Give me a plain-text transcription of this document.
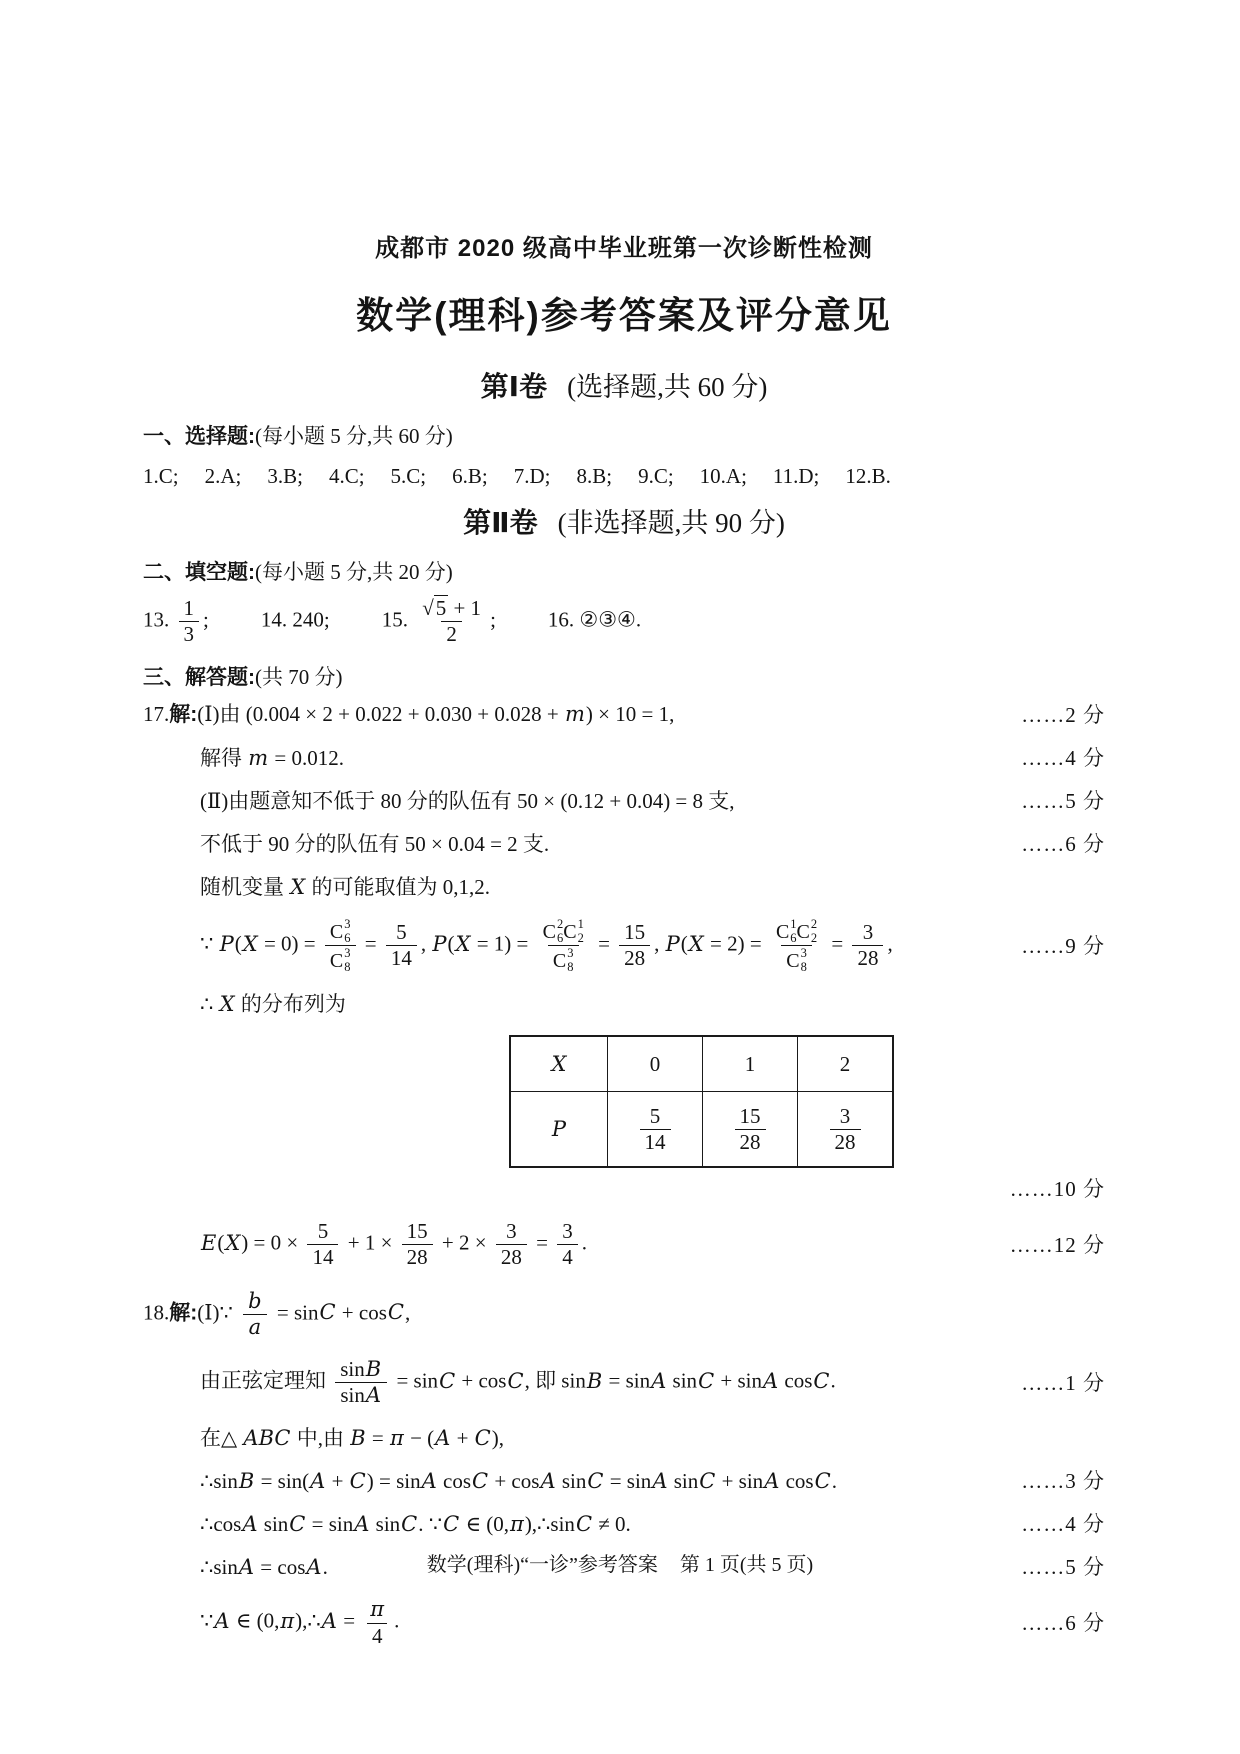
成都市 2020 级高中毕业班第一次诊断性检测
数学(理科)参考答案及评分意见
第Ⅰ卷 (选择题,共 60 分)
一、选择题:(每小题 5 分,共 60 分)
1.C; 2.A; 3.B; 4.C; 5.C; 6.B; 7.D; 8.B; 9.C; 10.A; 11.D; 12.B.
第Ⅱ卷 (非选择题,共 90 分)
二、填空题:(每小题 5 分,共 20 分)
13. $\frac{1}{3}$ ; 14. 240; 15. $\frac{√5 + 1}{2}$ ; 16. ②③④.
三、解答题:(共 70 分)
17.解:(Ⅰ)由 (0.004 × 2 + 0.022 + 0.030 + 0.028 + m) × 10 = 1,	……2 分
解得 m = 0.012.	……4 分
(Ⅱ)由题意知不低于 80 分的队伍有 50 × (0.12 + 0.04) = 8 支,	……5 分
不低于 90 分的队伍有 50 × 0.04 = 2 支.	……6 分
随机变量 X 的可能取值为 0,1,2.
∵ P(X = 0) = C 3
6
C 3
$8 = \frac{5}{14}$ , P(X = 1) = C 2
6 C 1
2
C 3
$8 = \frac{15}{28}$ , P(X = 2) = C 1
6 C 2
2
C 3
$8 = \frac{3}{28}$ ,	……9 分
∴ X 的分布列为
X	0	1	2
P	$\frac{5}{14}$	$\frac{15}{28}$	$\frac{3}{28}$
……10 分
$E(X) = 0 \times \frac{5}{14} + 1 \times \frac{15}{28} + 2 \times \frac{3}{28} = \frac{3}{4}$ .	……12 分
18.解:(Ⅰ)∵ $\frac{b}{a} = \sin C + \cos C$,
由正弦定理知 $\frac{\sin B}{\sin A} = \sin C + \cos C$, 即 sinB = sinA sinC + sinA cosC.	……1 分
在△ ABC 中,由 B = π − (A + C),
∴sinB = sin(A + C) = sinA cosC + cosA sinC = sinA sinC + sinA cosC.	……3 分
∴cosA sinC = sinA sinC. ∵C ∈ (0,π),∴sinC ≠ 0.	……4 分
∴sinA = cosA.	……5 分
∵A ∈ (0,π),∴A = $\frac{\pi}{4}$ .	……6 分
数学(理科)“一诊”参考答案 第 1 页(共 5 页)
